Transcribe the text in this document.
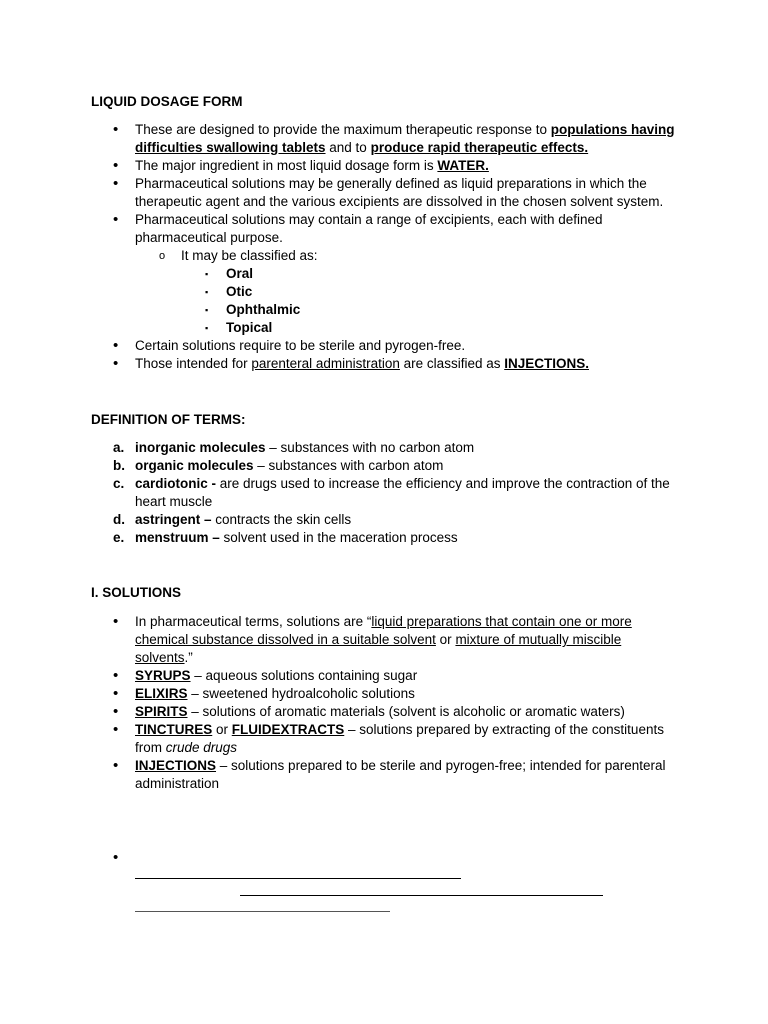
LIQUID DOSAGE FORM
• These are designed to provide the maximum therapeutic response to populations having difficulties swallowing tablets and to produce rapid therapeutic effects.
• The major ingredient in most liquid dosage form is WATER.
• Pharmaceutical solutions may be generally defined as liquid preparations in which the therapeutic agent and the various excipients are dissolved in the chosen solvent system.
• Pharmaceutical solutions may contain a range of excipients, each with defined pharmaceutical purpose.
o It may be classified as:
▪ Oral
▪ Otic
▪ Ophthalmic
▪ Topical
• Certain solutions require to be sterile and pyrogen-free.
• Those intended for parenteral administration are classified as INJECTIONS.
DEFINITION OF TERMS:
a. inorganic molecules – substances with no carbon atom
b. organic molecules – substances with carbon atom
c. cardiotonic - are drugs used to increase the efficiency and improve the contraction of the heart muscle
d. astringent – contracts the skin cells
e. menstruum – solvent used in the maceration process
I. SOLUTIONS
• In pharmaceutical terms, solutions are “liquid preparations that contain one or more chemical substance dissolved in a suitable solvent or mixture of mutually miscible solvents.”
• SYRUPS – aqueous solutions containing sugar
• ELIXIRS – sweetened hydroalcoholic solutions
• SPIRITS – solutions of aromatic materials (solvent is alcoholic or aromatic waters)
• TINCTURES or FLUIDEXTRACTS – solutions prepared by extracting of the constituents from crude drugs
• INJECTIONS – solutions prepared to be sterile and pyrogen-free; intended for parenteral administration
•
